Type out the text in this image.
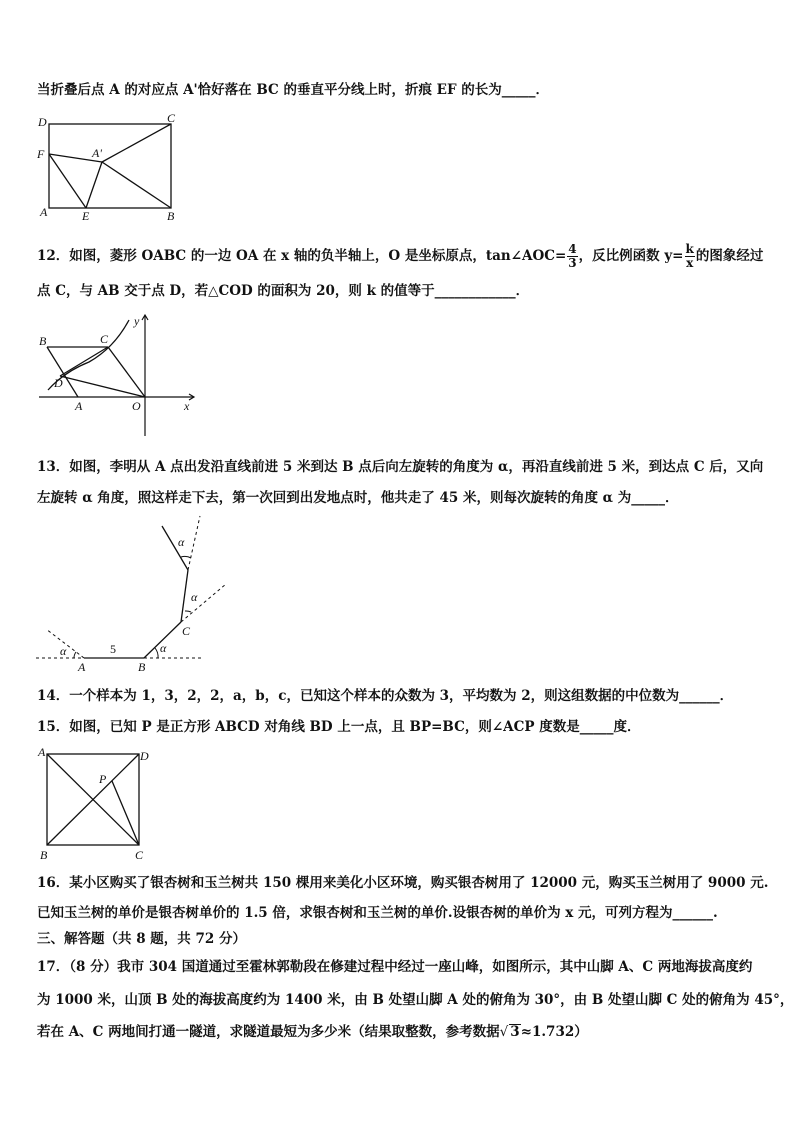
当折叠后点 A 的对应点 A'恰好落在 BC 的垂直平分线上时，折痕 EF 的长为_____．
D	C
F	A'
A	E	B
12．如图，菱形 OABC 的一边 OA 在 x 轴的负半轴上，O 是坐标原点，tan∠AOC= $\frac{4}{3}$ ，反比例函数 $y= \frac{k}{x}$ 的图象经过
点 C，与 AB 交于点 D，若△COD 的面积为 20，则 k 的值等于____________．
y
B	C
D
A	O	x
13．如图，李明从 A 点出发沿直线前进 5 米到达 B 点后向左旋转的角度为 α，再沿直线前进 5 米，到达点 C 后，又向
左旋转 α 角度，照这样走下去，第一次回到出发地点时，他共走了 45 米，则每次旋转的角度 α 为_____．
α
α
α
α
A
5
B
C
14．一个样本为 1，3，2，2，a，b，c，已知这个样本的众数为 3，平均数为 2，则这组数据的中位数为______．
15．如图，已知 P 是正方形 ABCD 对角线 BD 上一点，且 BP=BC，则∠ACP 度数是_____度．
A	D
P
B	C
16．某小区购买了银杏树和玉兰树共 150 棵用来美化小区环境，购买银杏树用了 12000 元，购买玉兰树用了 9000 元.
已知玉兰树的单价是银杏树单价的 1.5 倍，求银杏树和玉兰树的单价.设银杏树的单价为 x 元，可列方程为______.
三、解答题（共 8 题，共 72 分）
17．（8 分）我市 304 国道通过至霍林郭勒段在修建过程中经过一座山峰，如图所示，其中山脚 A、C 两地海拔高度约
为 1000 米，山顶 B 处的海拔高度约为 1400 米，由 B 处望山脚 A 处的俯角为 30°，由 B 处望山脚 C 处的俯角为 45°，
若在 A、C 两地间打通一隧道，求隧道最短为多少米（结果取整数，参考数据√ 3≈1.732）
